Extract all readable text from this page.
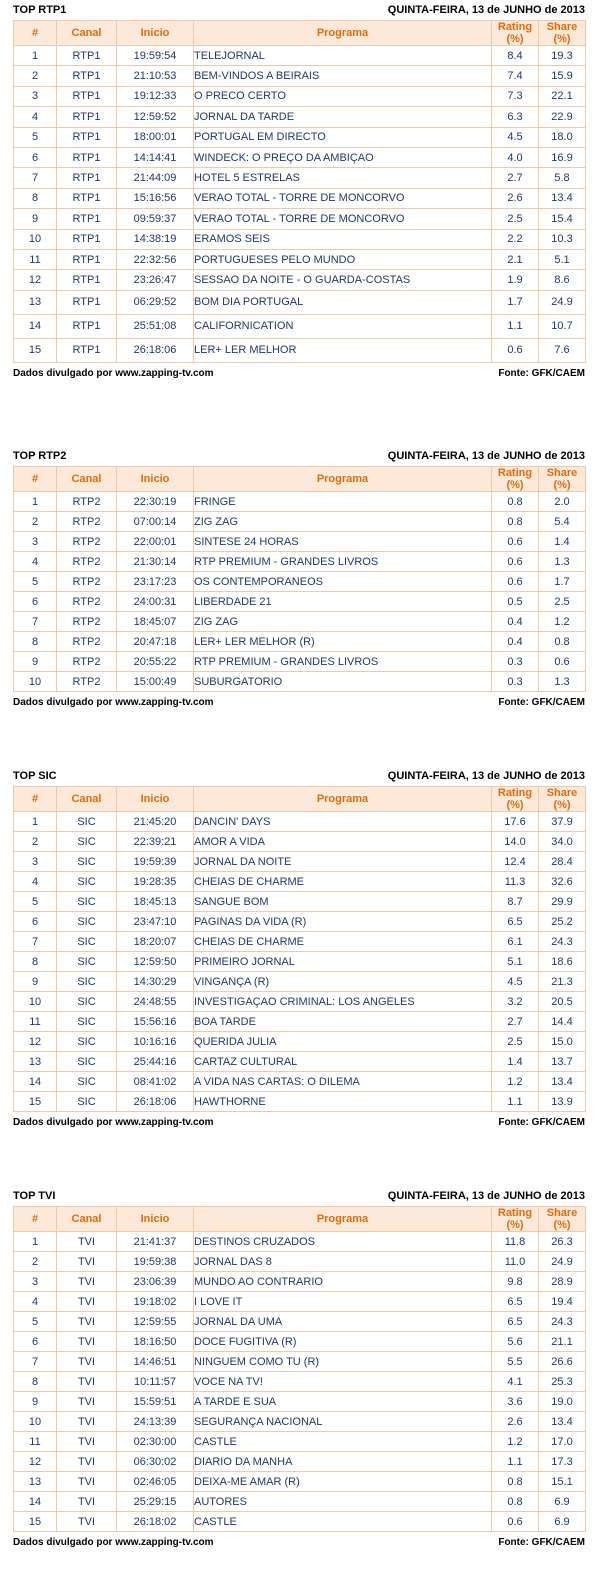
TOP RTP1	QUINTA-FEIRA, 13 de JUNHO de 2013
#	Canal	Inicio	Programa	Rating (%)	Share (%)
1	RTP1	19:59:54	TELEJORNAL	8.4	19.3
2	RTP1	21:10:53	BEM-VINDOS A BEIRAIS	7.4	15.9
3	RTP1	19:12:33	O PRECO CERTO	7.3	22.1
4	RTP1	12:59:52	JORNAL DA TARDE	6.3	22.9
5	RTP1	18:00:01	PORTUGAL EM DIRECTO	4.5	18.0
6	RTP1	14:14:41	WINDECK: O PREÇO DA AMBIÇAO	4.0	16.9
7	RTP1	21:44:09	HOTEL 5 ESTRELAS	2.7	5.8
8	RTP1	15:16:56	VERAO TOTAL - TORRE DE MONCORVO	2.6	13.4
9	RTP1	09:59:37	VERAO TOTAL - TORRE DE MONCORVO	2.5	15.4
10	RTP1	14:38:19	ERAMOS SEIS	2.2	10.3
11	RTP1	22:32:56	PORTUGUESES PELO MUNDO	2.1	5.1
12	RTP1	23:26:47	SESSAO DA NOITE - O GUARDA-COSTAS	1.9	8.6
13	RTP1	06:29:52	BOM DIA PORTUGAL	1.7	24.9
14	RTP1	25:51:08	CALIFORNICATION	1.1	10.7
15	RTP1	26:18:06	LER+ LER MELHOR	0.6	7.6
Dados divulgado por www.zapping-tv.com	Fonte: GFK/CAEM
TOP RTP2	QUINTA-FEIRA, 13 de JUNHO de 2013
#	Canal	Inicio	Programa	Rating (%)	Share (%)
1	RTP2	22:30:19	FRINGE	0.8	2.0
2	RTP2	07:00:14	ZIG ZAG	0.8	5.4
3	RTP2	22:00:01	SINTESE 24 HORAS	0.6	1.4
4	RTP2	21:30:14	RTP PREMIUM - GRANDES LIVROS	0.6	1.3
5	RTP2	23:17:23	OS CONTEMPORANEOS	0.6	1.7
6	RTP2	24:00:31	LIBERDADE 21	0.5	2.5
7	RTP2	18:45:07	ZIG ZAG	0.4	1.2
8	RTP2	20:47:18	LER+ LER MELHOR (R)	0.4	0.8
9	RTP2	20:55:22	RTP PREMIUM - GRANDES LIVROS	0.3	0.6
10	RTP2	15:00:49	SUBURGATORIO	0.3	1.3
Dados divulgado por www.zapping-tv.com	Fonte: GFK/CAEM
TOP SIC	QUINTA-FEIRA, 13 de JUNHO de 2013
#	Canal	Inicio	Programa	Rating (%)	Share (%)
1	SIC	21:45:20	DANCIN' DAYS	17.6	37.9
2	SIC	22:39:21	AMOR A VIDA	14.0	34.0
3	SIC	19:59:39	JORNAL DA NOITE	12.4	28.4
4	SIC	19:28:35	CHEIAS DE CHARME	11.3	32.6
5	SIC	18:45:13	SANGUE BOM	8.7	29.9
6	SIC	23:47:10	PAGINAS DA VIDA (R)	6.5	25.2
7	SIC	18:20:07	CHEIAS DE CHARME	6.1	24.3
8	SIC	12:59:50	PRIMEIRO JORNAL	5.1	18.6
9	SIC	14:30:29	VINGANÇA (R)	4.5	21.3
10	SIC	24:48:55	INVESTIGAÇAO CRIMINAL: LOS ANGELES	3.2	20.5
11	SIC	15:56:16	BOA TARDE	2.7	14.4
12	SIC	10:16:16	QUERIDA JULIA	2.5	15.0
13	SIC	25:44:16	CARTAZ CULTURAL	1.4	13.7
14	SIC	08:41:02	A VIDA NAS CARTAS: O DILEMA	1.2	13.4
15	SIC	26:18:06	HAWTHORNE	1.1	13.9
Dados divulgado por www.zapping-tv.com	Fonte: GFK/CAEM
TOP TVI	QUINTA-FEIRA, 13 de JUNHO de 2013
#	Canal	Inicio	Programa	Rating (%)	Share (%)
1	TVI	21:41:37	DESTINOS CRUZADOS	11.8	26.3
2	TVI	19:59:38	JORNAL DAS 8	11.0	24.9
3	TVI	23:06:39	MUNDO AO CONTRARIO	9.8	28.9
4	TVI	19:18:02	I LOVE IT	6.5	19.4
5	TVI	12:59:55	JORNAL DA UMA	6.5	24.3
6	TVI	18:16:50	DOCE FUGITIVA (R)	5.6	21.1
7	TVI	14:46:51	NINGUEM COMO TU (R)	5.5	26.6
8	TVI	10:11:57	VOCE NA TV!	4.1	25.3
9	TVI	15:59:51	A TARDE E SUA	3.6	19.0
10	TVI	24:13:39	SEGURANÇA NACIONAL	2.6	13.4
11	TVI	02:30:00	CASTLE	1.2	17.0
12	TVI	06:30:02	DIARIO DA MANHA	1.1	17.3
13	TVI	02:46:05	DEIXA-ME AMAR (R)	0.8	15.1
14	TVI	25:29:15	AUTORES	0.8	6.9
15	TVI	26:18:02	CASTLE	0.6	6.9
Dados divulgado por www.zapping-tv.com	Fonte: GFK/CAEM
